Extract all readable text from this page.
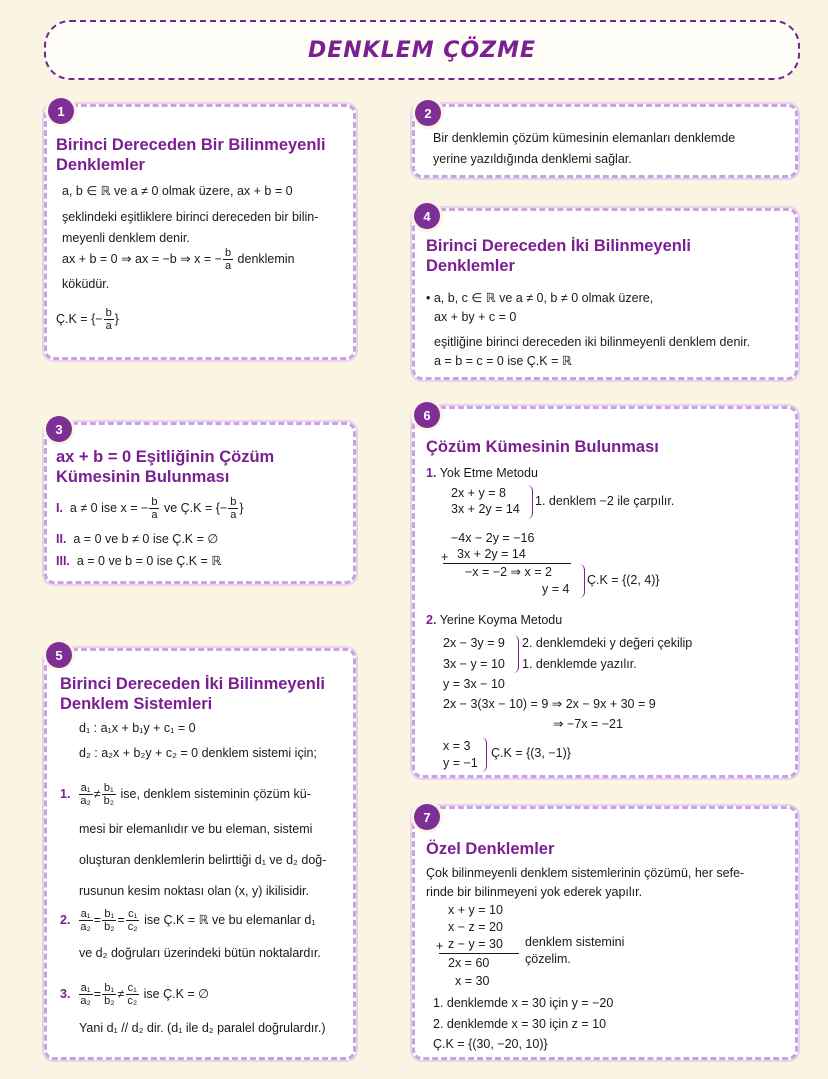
DENKLEM ÇÖZME
Birinci Dereceden Bir Bilinmeyenli
Denklemler
a, b ∈ ℝ ve a ≠ 0 olmak üzere, ax + b = 0
şeklindeki eşitliklere birinci dereceden bir bilin-
meyenli denklem denir.
ax + b = 0 ⇒ ax = −b ⇒ x = − $\frac{b}{a}$ denklemin
köküdür.
Ç.K = {− $\frac{b}{a}$ }
1
Bir denklemin çözüm kümesinin elemanları denklemde
yerine yazıldığında denklemi sağlar.
2
Birinci Dereceden İki Bilinmeyenli
Denklemler
• a, b, c ∈ ℝ ve a ≠ 0, b ≠ 0 olmak üzere,
ax + by + c = 0
eşitliğine birinci dereceden iki bilinmeyenli denklem denir.
a = b = c = 0 ise Ç.K = ℝ
4
ax + b = 0 Eşitliğinin Çözüm
Kümesinin Bulunması
I. a ≠ 0 ise x = − $\frac{b}{a}$ ve Ç.K = {− $\frac{b}{a}$ }
II. a = 0 ve b ≠ 0 ise Ç.K = ∅
III. a = 0 ve b = 0 ise Ç.K = ℝ
3
Çözüm Kümesinin Bulunması
1. Yok Etme Metodu
2x + y = 8
3x + 2y = 14
1. denklem −2 ile çarpılır.
−4x − 2y = −16
+ 3x + 2y = 14
−x = −2 ⇒ x = 2
y = 4
Ç.K = {(2, 4)}
2. Yerine Koyma Metodu
2x − 3y = 9
3x − y = 10
2. denklemdeki y değeri çekilip
1. denklemde yazılır.
y = 3x − 10
2x − 3(3x − 10) = 9 ⇒ 2x − 9x + 30 = 9
⇒ −7x = −21
x = 3
y = −1
Ç.K = {(3, −1)}
6
Birinci Dereceden İki Bilinmeyenli
Denklem Sistemleri
d₁ : a₁x + b₁y + c₁ = 0
d₂ : a₂x + b₂y + c₂ = 0 denklem sistemi için;
1. $\frac{\text{a₁}}{\text{a₂}} \ne \frac{\text{b₁}}{\text{b₂}}$ ise, denklem sisteminin çözüm kü-
mesi bir elemanlıdır ve bu eleman, sistemi
oluşturan denklemlerin belirttiği d₁ ve d₂ doğ-
rusunun kesim noktası olan (x, y) ikilisidir.
2. $\frac{\text{a₁}}{\text{a₂}} = \frac{\text{b₁}}{\text{b₂}} = \frac{\text{c₁}}{\text{c₂}}$ ise Ç.K = ℝ ve bu elemanlar d₁
ve d₂ doğruları üzerindeki bütün noktalardır.
3. $\frac{\text{a₁}}{\text{a₂}} = \frac{\text{b₁}}{\text{b₂}} \ne \frac{\text{c₁}}{\text{c₂}}$ ise Ç.K = ∅
Yani d₁ // d₂ dir. (d₁ ile d₂ paralel doğrulardır.)
5
Özel Denklemler
Çok bilinmeyenli denklem sistemlerinin çözümü, her sefe-
rinde bir bilinmeyeni yok ederek yapılır.
x + y = 10
x − z = 20
+ z − y = 30 denklem sistemini
çözelim.
2x = 60
x = 30
1. denklemde x = 30 için y = −20
2. denklemde x = 30 için z = 10
Ç.K = {(30, −20, 10)}
7
